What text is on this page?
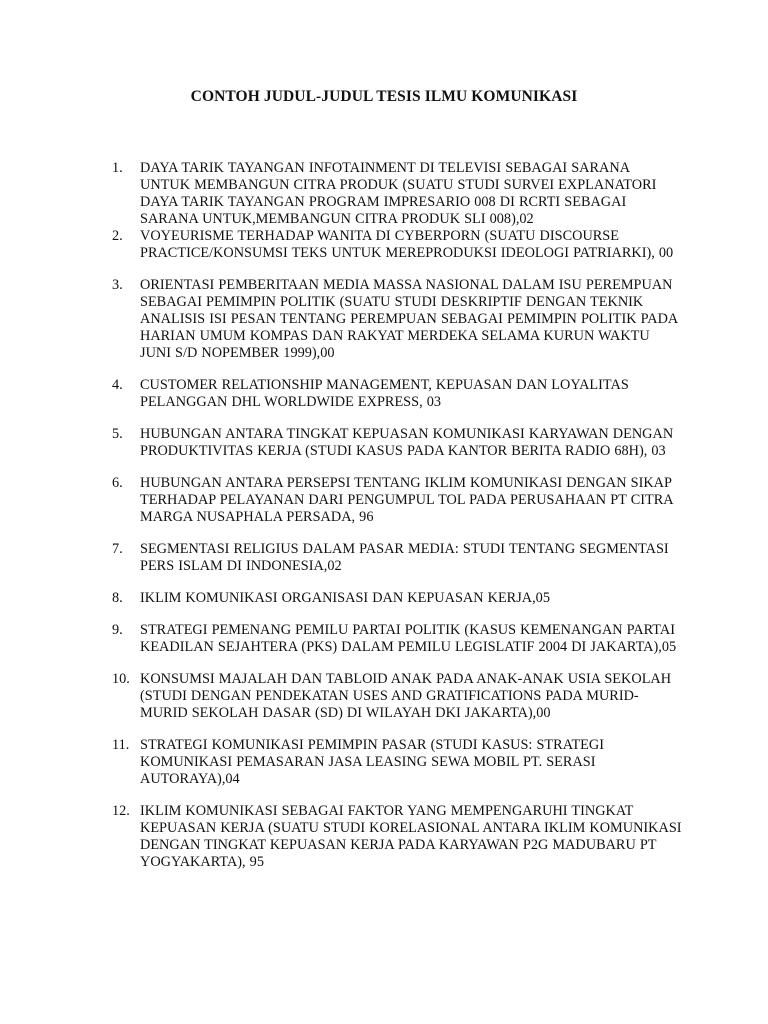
CONTOH JUDUL-JUDUL TESIS ILMU KOMUNIKASI
1.	DAYA TARIK TAYANGAN INFOTAINMENT DI TELEVISI SEBAGAI SARANA UNTUK MEMBANGUN CITRA PRODUK (SUATU STUDI SURVEI EXPLANATORI DAYA TARIK TAYANGAN PROGRAM IMPRESARIO 008 DI RCRTI SEBAGAI SARANA UNTUK,MEMBANGUN CITRA PRODUK SLI 008),02
2.	VOYEURISME TERHADAP WANITA DI CYBERPORN (SUATU DISCOURSE PRACTICE/KONSUMSI TEKS UNTUK MEREPRODUKSI IDEOLOGI PATRIARKI), 00
3.	ORIENTASI PEMBERITAAN MEDIA MASSA NASIONAL DALAM ISU PEREMPUAN SEBAGAI PEMIMPIN POLITIK (SUATU STUDI DESKRIPTIF DENGAN TEKNIK ANALISIS ISI PESAN TENTANG PEREMPUAN SEBAGAI PEMIMPIN POLITIK PADA HARIAN UMUM KOMPAS DAN RAKYAT MERDEKA SELAMA KURUN WAKTU JUNI S/D NOPEMBER 1999),00
4.	CUSTOMER RELATIONSHIP MANAGEMENT, KEPUASAN DAN LOYALITAS PELANGGAN DHL WORLDWIDE EXPRESS, 03
5.	HUBUNGAN ANTARA TINGKAT KEPUASAN KOMUNIKASI KARYAWAN DENGAN PRODUKTIVITAS KERJA (STUDI KASUS PADA KANTOR BERITA RADIO 68H), 03
6.	HUBUNGAN ANTARA PERSEPSI TENTANG IKLIM KOMUNIKASI DENGAN SIKAP TERHADAP PELAYANAN DARI PENGUMPUL TOL PADA PERUSAHAAN PT CITRA MARGA NUSAPHALA PERSADA, 96
7.	SEGMENTASI RELIGIUS DALAM PASAR MEDIA: STUDI TENTANG SEGMENTASI PERS ISLAM DI INDONESIA,02
8.	IKLIM KOMUNIKASI ORGANISASI DAN KEPUASAN KERJA,05
9.	STRATEGI PEMENANG PEMILU PARTAI POLITIK (KASUS KEMENANGAN PARTAI KEADILAN SEJAHTERA (PKS) DALAM PEMILU LEGISLATIF 2004 DI JAKARTA),05
10. KONSUMSI MAJALAH DAN TABLOID ANAK PADA ANAK-ANAK USIA SEKOLAH (STUDI DENGAN PENDEKATAN USES AND GRATIFICATIONS PADA MURID-MURID SEKOLAH DASAR (SD) DI WILAYAH DKI JAKARTA),00
11. STRATEGI KOMUNIKASI PEMIMPIN PASAR (STUDI KASUS: STRATEGI KOMUNIKASI PEMASARAN JASA LEASING SEWA MOBIL PT. SERASI AUTORAYA),04
12. IKLIM KOMUNIKASI SEBAGAI FAKTOR YANG MEMPENGARUHI TINGKAT KEPUASAN KERJA (SUATU STUDI KORELASIONAL ANTARA IKLIM KOMUNIKASI DENGAN TINGKAT KEPUASAN KERJA PADA KARYAWAN P2G MADUBARU PT YOGYAKARTA), 95
